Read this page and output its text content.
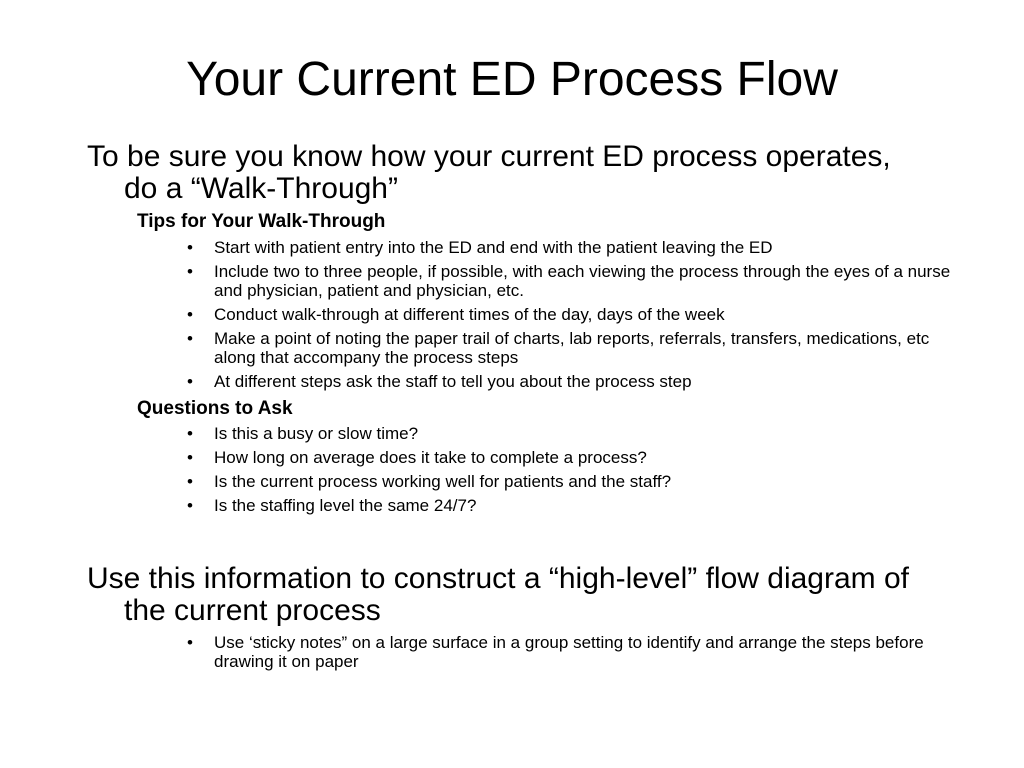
Your Current ED Process Flow
To be sure you know how your current ED process operates, do a “Walk-Through”
Tips for Your Walk-Through
• Start with patient entry into the ED and end with the patient leaving the ED
• Include two to three people, if possible, with each viewing the process through the eyes of a nurse and physician, patient and physician, etc.
• Conduct walk-through at different times of the day, days of the week
• Make a point of noting the paper trail of charts, lab reports, referrals, transfers, medications, etc along that accompany the process steps
• At different steps ask the staff to tell you about the process step
Questions to Ask
• Is this a busy or slow time?
• How long on average does it take to complete a process?
• Is the current process working well for patients and the staff?
• Is the staffing level the same 24/7?
Use this information to construct a “high-level” flow diagram of the current process
• Use ‘sticky notes” on a large surface in a group setting to identify and arrange the steps before drawing it on paper
